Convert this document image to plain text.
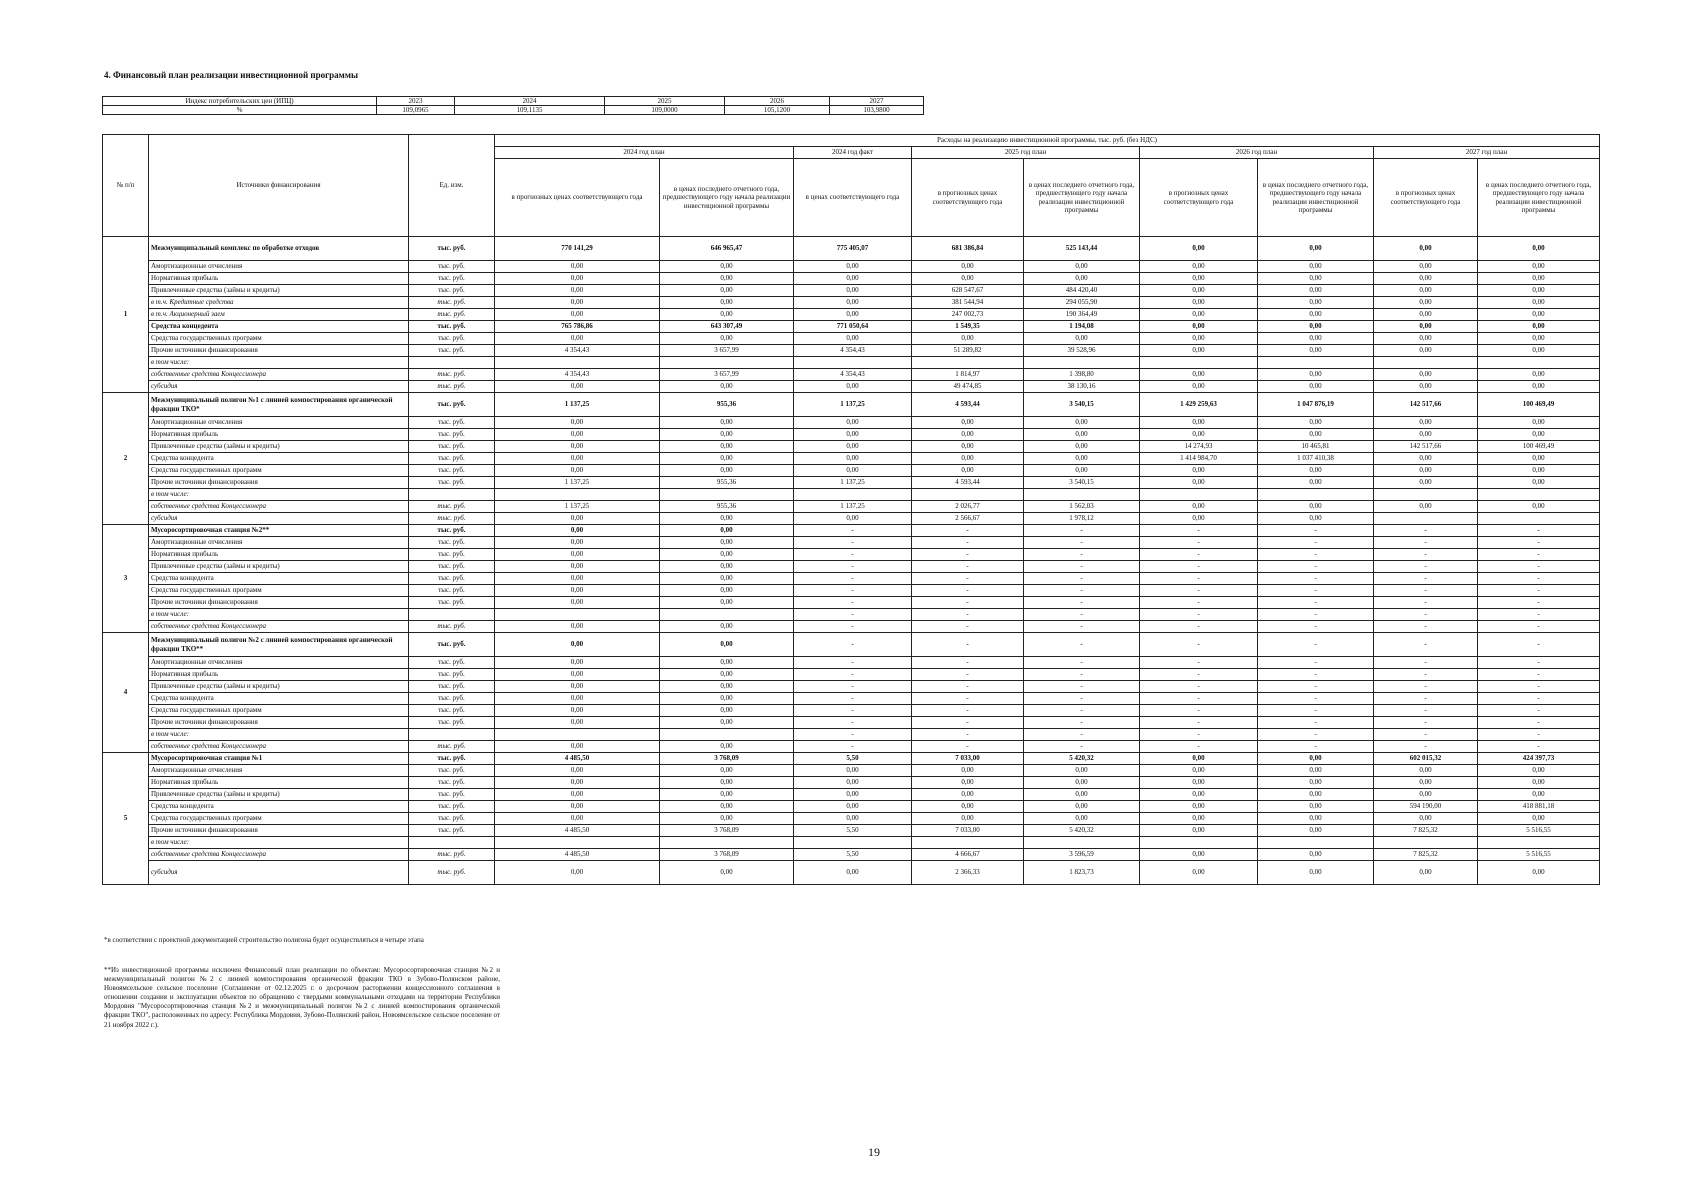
4. Финансовый план реализации инвестиционной программы
Индекс потребительских цен (ИПЦ)	2023	2024	2025	2026	2027
%	109,0965	109,1135	109,0000	105,1200	103,9800
№ п/п	Источники финансирования	Ед. изм.	Расходы на реализацию инвестиционной программы, тыс. руб. (без НДС)								
			2024 год план		2024 год факт	2025 год план		2026 год план		2027 год план	
			в прогнозных ценах соответствующего года	в ценах последнего отчетного года, предшествующего году начала реализации инвестиционной программы	в ценах соответствующего года	в прогнозных ценах соответствующего года	в ценах последнего отчетного года, предшествующего году начала реализации инвестиционной программы	в прогнозных ценах соответствующего года	в ценах последнего отчетного года, предшествующего году начала реализации инвестиционной программы	в прогнозных ценах соответствующего года	в ценах последнего отчетного года, предшествующего году начала реализации инвестиционной программы
1	Межмуниципальный комплекс по обработке отходов	тыс. руб.	770 141,29	646 965,47	775 405,07	681 386,84	525 143,44	0,00	0,00	0,00	0,00
	Амортизационные отчисления	тыс. руб.	0,00	0,00	0,00	0,00	0,00	0,00	0,00	0,00	0,00
	Нормативная прибыль	тыс. руб.	0,00	0,00	0,00	0,00	0,00	0,00	0,00	0,00	0,00
	Привлеченные средства (займы и кредиты)	тыс. руб.	0,00	0,00	0,00	628 547,67	484 420,40	0,00	0,00	0,00	0,00
	в т.ч. Кредитные средства	тыс. руб.	0,00	0,00	0,00	381 544,94	294 055,90	0,00	0,00	0,00	0,00
	в т.ч. Акционерный заем	тыс. руб.	0,00	0,00	0,00	247 002,73	190 364,49	0,00	0,00	0,00	0,00
	Средства концедента	тыс. руб.	765 786,86	643 307,49	771 050,64	1 549,35	1 194,08	0,00	0,00	0,00	0,00
	Средства государственных программ	тыс. руб.	0,00	0,00	0,00	0,00	0,00	0,00	0,00	0,00	0,00
	Прочие источники финансирования	тыс. руб.	4 354,43	3 657,99	4 354,43	51 289,82	39 528,96	0,00	0,00	0,00	0,00
	в том числе:										
	собственные средства Концессионера	тыс. руб.	4 354,43	3 657,99	4 354,43	1 814,97	1 398,80	0,00	0,00	0,00	0,00
	субсидия	тыс. руб.	0,00	0,00	0,00	49 474,85	38 130,16	0,00	0,00	0,00	0,00
2	Межмуниципальный полигон №1 с линией компостирования органической фракции ТКО*	тыс. руб.	1 137,25	955,36	1 137,25	4 593,44	3 540,15	1 429 259,63	1 047 876,19	142 517,66	100 469,49
	Амортизационные отчисления	тыс. руб.	0,00	0,00	0,00	0,00	0,00	0,00	0,00	0,00	0,00
	Нормативная прибыль	тыс. руб.	0,00	0,00	0,00	0,00	0,00	0,00	0,00	0,00	0,00
	Привлеченные средства (займы и кредиты)	тыс. руб.	0,00	0,00	0,00	0,00	0,00	14 274,93	10 465,81	142 517,66	100 469,49
	Средства концедента	тыс. руб.	0,00	0,00	0,00	0,00	0,00	1 414 984,70	1 037 410,38	0,00	0,00
	Средства государственных программ	тыс. руб.	0,00	0,00	0,00	0,00	0,00	0,00	0,00	0,00	0,00
	Прочие источники финансирования	тыс. руб.	1 137,25	955,36	1 137,25	4 593,44	3 540,15	0,00	0,00	0,00	0,00
	в том числе:										
	собственные средства Концессионера	тыс. руб.	1 137,25	955,36	1 137,25	2 026,77	1 562,03	0,00	0,00	0,00	0,00
	субсидия	тыс. руб.	0,00	0,00	0,00	2 566,67	1 978,12	0,00	0,00		
3	Мусоросортировочная станция №2**	тыс. руб.	0,00	0,00	-	-	-	-	-	-	-
	Амортизационные отчисления	тыс. руб.	0,00	0,00	-	-	-	-	-	-	-
	Нормативная прибыль	тыс. руб.	0,00	0,00	-	-	-	-	-	-	-
	Привлеченные средства (займы и кредиты)	тыс. руб.	0,00	0,00	-	-	-	-	-	-	-
	Средства концедента	тыс. руб.	0,00	0,00	-	-	-	-	-	-	-
	Средства государственных программ	тыс. руб.	0,00	0,00	-	-	-	-	-	-	-
	Прочие источники финансирования	тыс. руб.	0,00	0,00	-	-	-	-	-	-	-
	в том числе:				-	-	-	-	-	-	-
	собственные средства Концессионера	тыс. руб.	0,00	0,00	-	-	-	-	-	-	-
4	Межмуниципальный полигон №2 с линией компостирования органической фракции ТКО**	тыс. руб.	0,00	0,00	-	-	-	-	-	-	-
	Амортизационные отчисления	тыс. руб.	0,00	0,00	-	-	-	-	-	-	-
	Нормативная прибыль	тыс. руб.	0,00	0,00	-	-	-	-	-	-	-
	Привлеченные средства (займы и кредиты)	тыс. руб.	0,00	0,00	-	-	-	-	-	-	-
	Средства концедента	тыс. руб.	0,00	0,00	-	-	-	-	-	-	-
	Средства государственных программ	тыс. руб.	0,00	0,00	-	-	-	-	-	-	-
	Прочие источники финансирования	тыс. руб.	0,00	0,00	-	-	-	-	-	-	-
	в том числе:				-	-	-	-	-	-	-
	собственные средства Концессионера	тыс. руб.	0,00	0,00	-	-	-	-	-	-	-
5	Мусоросортировочная станция №1	тыс. руб.	4 485,50	3 768,09	5,50	7 033,00	5 420,32	0,00	0,00	602 015,32	424 397,73
	Амортизационные отчисления	тыс. руб.	0,00	0,00	0,00	0,00	0,00	0,00	0,00	0,00	0,00
	Нормативная прибыль	тыс. руб.	0,00	0,00	0,00	0,00	0,00	0,00	0,00	0,00	0,00
	Привлеченные средства (займы и кредиты)	тыс. руб.	0,00	0,00	0,00	0,00	0,00	0,00	0,00	0,00	0,00
	Средства концедента	тыс. руб.	0,00	0,00	0,00	0,00	0,00	0,00	0,00	594 190,00	418 881,18
	Средства государственных программ	тыс. руб.	0,00	0,00	0,00	0,00	0,00	0,00	0,00	0,00	0,00
	Прочие источники финансирования	тыс. руб.	4 485,50	3 768,09	5,50	7 033,00	5 420,32	0,00	0,00	7 825,32	5 516,55
	в том числе:										
	собственные средства Концессионера	тыс. руб.	4 485,50	3 768,09	5,50	4 666,67	3 596,59	0,00	0,00	7 825,32	5 516,55
	субсидия	тыс. руб.	0,00	0,00	0,00	2 366,33	1 823,73	0,00	0,00	0,00	0,00
*в соответствии с проектной документацией строительство полигона будет осуществляться в четыре этапа
**Из инвестиционной программы исключен Финансовый план реализации по объектам: Мусоросортировочная станция №2 и межмуниципальный полигон №2 с линией компостирования органической фракции ТКО в Зубово-Полянском районе, Новоямсельское сельское поселение (Соглашение от 02.12.2025 г. о досрочном расторжении концессионного соглашения в отношении создания и эксплуатации объектов по обращению с твердыми коммунальными отходами на территории Республики Мордовия "Мусоросортировочная станция №2 и межмуниципальный полигон №2 с линией компостирования органической фракции ТКО", расположенных по адресу: Республика Мордовия, Зубово-Полянский район, Новоямсельское сельское поселение от 21 ноября 2022 г.).
19
